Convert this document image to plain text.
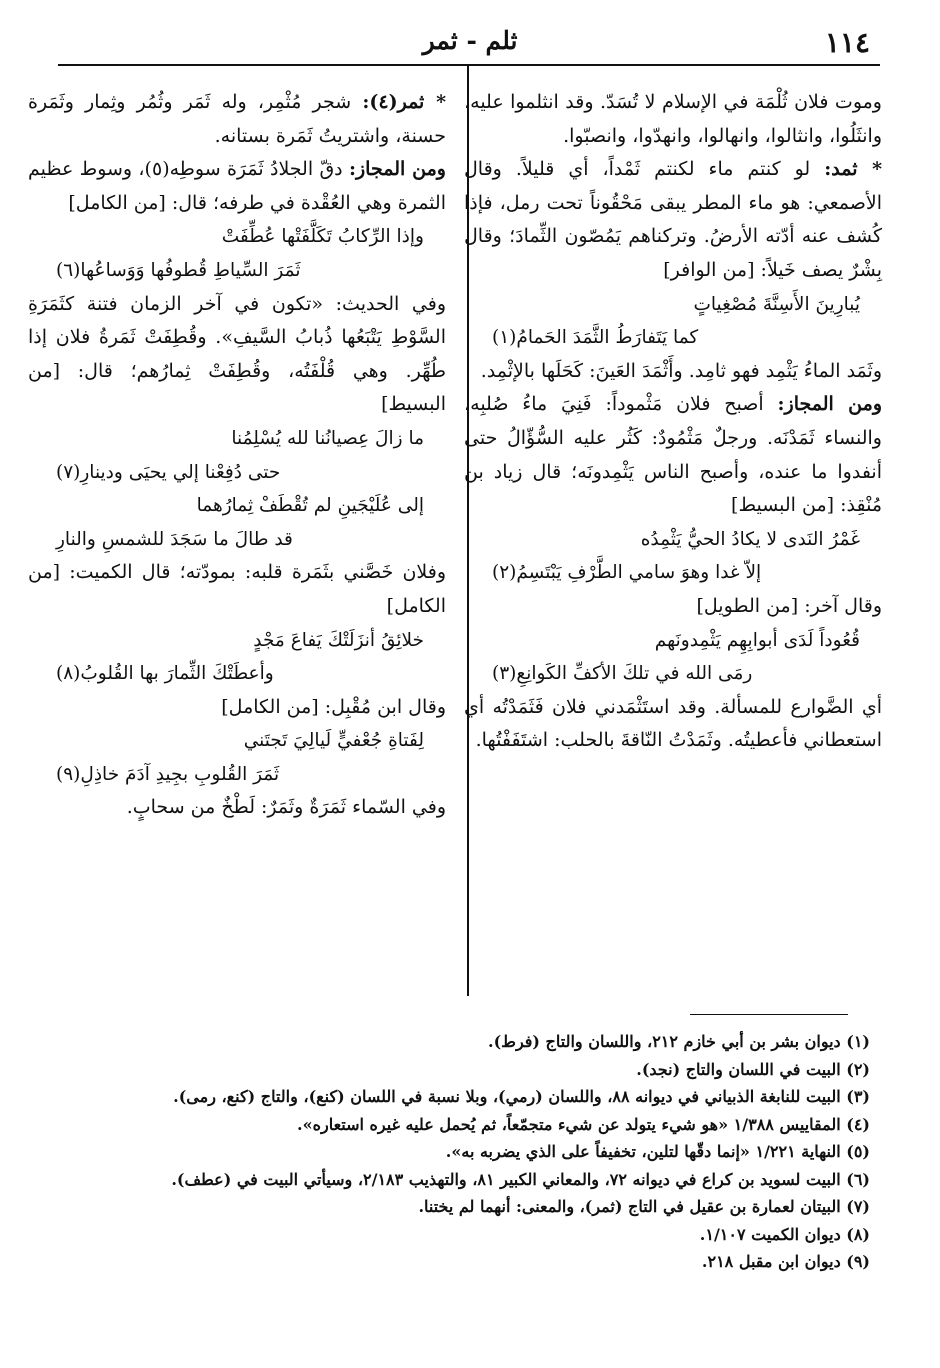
١١٤
ثلم - ثمر

وموت فلان ثُلْمَة في الإسلام لا تُسَدّ. وقد انثلموا عليه، وانثَلُوا، وانثالوا، وانهالوا، وانهدّوا، وانصبّوا.

* ثمد: لو كنتم ماء لكنتم ثَمْداً، أي قليلاً. وقال الأصمعي: هو ماء المطر يبقى مَحْقُوناً تحت رمل، فإذا كُشف عنه أدّته الأرضُ. وتركناهم يَمُصّون الثِّمادَ؛ وقال بِشْرٌ يصف خَيلاً: [من الوافر]

يُبارِينَ الأَسِنَّةَ مُصْغِياتٍ
كما يَتَفارَطُ الثَّمَدَ الحَمامُ(١)

وثَمَد الماءُ يَثْمِد فهو ثامِد. وأَثْمَدَ العَينَ: كَحَلَها بالإثْمِد.

ومن المجاز: أصبح فلان مَثْموداً: فَنِيَ ماءُ صُلبِه، والنساء ثَمَدْنَه. ورجلٌ مَثْمُودٌ: كَثُر عليه السُّؤّالُ حتى أنفدوا ما عنده، وأصبح الناس يَثْمِدونَه؛ قال زياد بن مُنْقِذ: [من البسيط]

غَمْرُ النَدى لا يكادُ الحيُّ يَثْمِدُه
إلاّ غدا وهوَ سامي الطَّرْفِ يَبْتَسِمُ(٢)

وقال آخر: [من الطويل]

قُعُوداً لَدَى أبوابِهِم يَثْمِدونَهم
رمَى الله في تلكَ الأكفِّ الكَوانِعِ(٣)

أي الضَّوارع للمسألة. وقد استَثْمَدني فلان فَثَمَدْتُه أي استعطاني فأعطيتُه. وثَمَدْتُ النّاقةَ بالحلب: اشتَفَفْتُها.

* ثمر(٤): شجر مُثْمِر، وله ثَمَر وثُمُر وثِمار وثَمَرة حسنة، واشتريتُ ثَمَرة بستانه.

ومن المجاز: دقّ الجلادُ ثَمَرَة سوطِه(٥)، وسوط عظيم الثمرة وهي العُقْدة في طرفه؛ قال: [من الكامل]

وإذا الرِّكابُ تَكَلَّفَتْها عُطِّفَتْ
ثَمَرَ السِّياطِ قُطوفُها وَوَساعُها(٦)

وفي الحديث: «تكون في آخر الزمان فتنة كثَمَرَةِ السَّوْطِ يَتْبَعُها ذُبابُ السَّيفِ». وقُطِفَتْ ثَمَرةُ فلان إذا طُهِّر. وهي قُلْفَتُه، وقُطِفَتْ ثِمارُهم؛ قال: [من البسيط]

ما زالَ عِصيانُنا لله يُسْلِمُنا
حتى دُفِعْنا إلي يحيَى ودينارِ(٧)
إلى عُلَيْجَينِ لم تُقْطَفْ ثِمارُهما
قد طالَ ما سَجَدَ للشمسِ والنارِ

وفلان خَصَّني بثَمَرة قلبه: بمودّته؛ قال الكميت: [من الكامل]

خلائِقُ أنزَلَتْكَ يَفاعَ مَجْدٍ
وأعطَتْكَ الثِّمارَ بها القُلوبُ(٨)

وقال ابن مُقْبِل: [من الكامل]

لِفَتاةِ جُعْفيٍّ لَيالِيَ تَجتَني
ثَمَرَ القُلوبِ بجِيدِ آدَمَ خاذِلِ(٩)

وفي السّماء ثَمَرَةٌ وثَمَرٌ: لَطْخٌ من سحابٍ.

(١) ديوان بشر بن أبي خازم ٢١٢، واللسان والتاج (فرط).
(٢) البيت في اللسان والتاج (نجد).
(٣) البيت للنابغة الذبياني في ديوانه ٨٨، واللسان (رمي)، وبلا نسبة في اللسان (كنع)، والتاج (كنع، رمى).
(٤) المقاييس ١/٣٨٨ «هو شيء يتولد عن شيء متجمّعاً، ثم يُحمل عليه غيره استعاره».
(٥) النهاية ١/٢٢١ «إنما دقّها لتلين، تخفيفاً على الذي يضربه به».
(٦) البيت لسويد بن كراع في ديوانه ٧٢، والمعاني الكبير ٨١، والتهذيب ٢/١٨٣، وسيأتي البيت في (عطف).
(٧) البيتان لعمارة بن عقيل في التاج (ثمر)، والمعنى: أنهما لم يختنا.
(٨) ديوان الكميت ١/١٠٧.
(٩) ديوان ابن مقبل ٢١٨.
